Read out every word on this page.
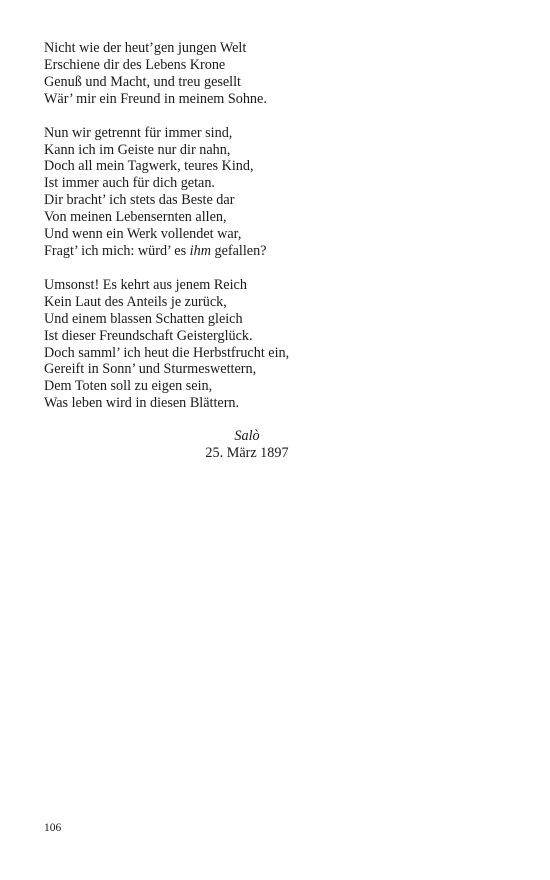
Nicht wie der heut’gen jungen Welt
Erschiene dir des Lebens Krone
Genuß und Macht, und treu gesellt
Wär’ mir ein Freund in meinem Sohne.
Nun wir getrennt für immer sind,
Kann ich im Geiste nur dir nahn,
Doch all mein Tagwerk, teures Kind,
Ist immer auch für dich getan.
Dir bracht’ ich stets das Beste dar
Von meinen Lebensernten allen,
Und wenn ein Werk vollendet war,
Fragt’ ich mich: würd’ es ihm gefallen?
Umsonst! Es kehrt aus jenem Reich
Kein Laut des Anteils je zurück,
Und einem blassen Schatten gleich
Ist dieser Freundschaft Geisterglück.
Doch samml’ ich heut die Herbstfrucht ein,
Gereift in Sonn’ und Sturmeswettern,
Dem Toten soll zu eigen sein,
Was leben wird in diesen Blättern.
Salò
25. März 1897
106
